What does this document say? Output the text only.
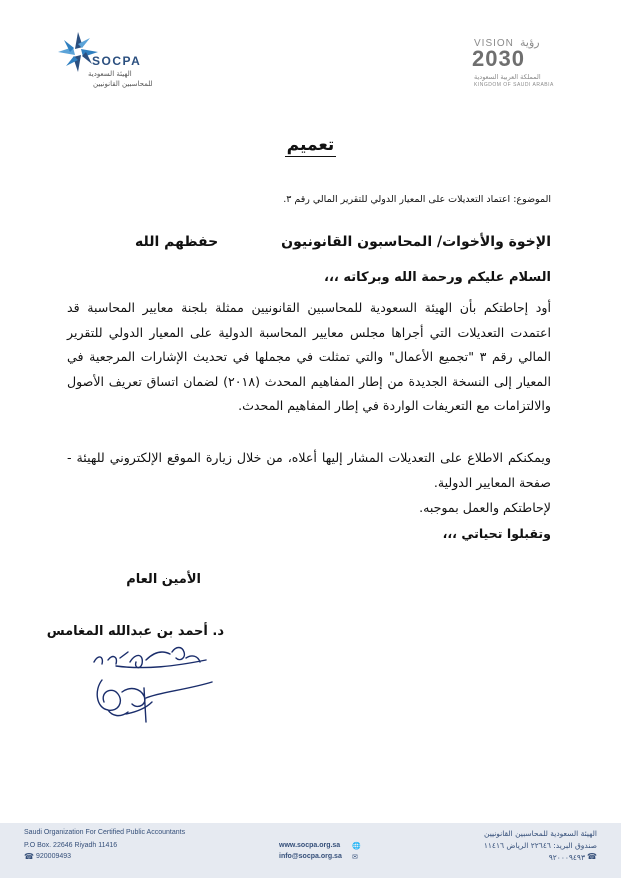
SOCPA
الهيئة السعودية
للمحاسبين القانونيين
VISION رؤية
2030
المملكة العربية السعودية
KINGDOM OF SAUDI ARABIA
تعميم
الموضوع: اعتماد التعديلات على المعيار الدولي للتقرير المالي رقم ٣.
الإخوة والأخوات/ المحاسبون القانونيون
حفظهم الله
السلام عليكم ورحمة الله وبركاته ،،،
أود إحاطتكم بأن الهيئة السعودية للمحاسبين القانونيين ممثلة بلجنة معايير المحاسبة قد اعتمدت التعديلات التي أجراها مجلس معايير المحاسبة الدولية على المعيار الدولي للتقرير المالي رقم ٣ "تجميع الأعمال" والتي تمثلت في مجملها في تحديث الإشارات المرجعية في المعيار إلى النسخة الجديدة من إطار المفاهيم المحدث (٢٠١٨) لضمان اتساق تعريف الأصول والالتزامات مع التعريفات الواردة في إطار المفاهيم المحدث.
ويمكنكم الاطلاع على التعديلات المشار إليها أعلاه، من خلال زيارة الموقع الإلكتروني للهيئة - صفحة المعايير الدولية.
لإحاطتكم والعمل بموجبه.
وتقبلوا تحياتي ،،،
الأمين العام
د. أحمد بن عبدالله المغامس
Saudi Organization For Certified Public Accountants
P.O Box. 22646 Riyadh 11416
☎ 920009493
www.socpa.org.sa 🌐
info@socpa.org.sa ✉
الهيئة السعودية للمحاسبين القانونيين
صندوق البريد: ٢٢٦٤٦ الرياض ١١٤١٦
☎
٩٢٠٠٠٩٤٩٣
